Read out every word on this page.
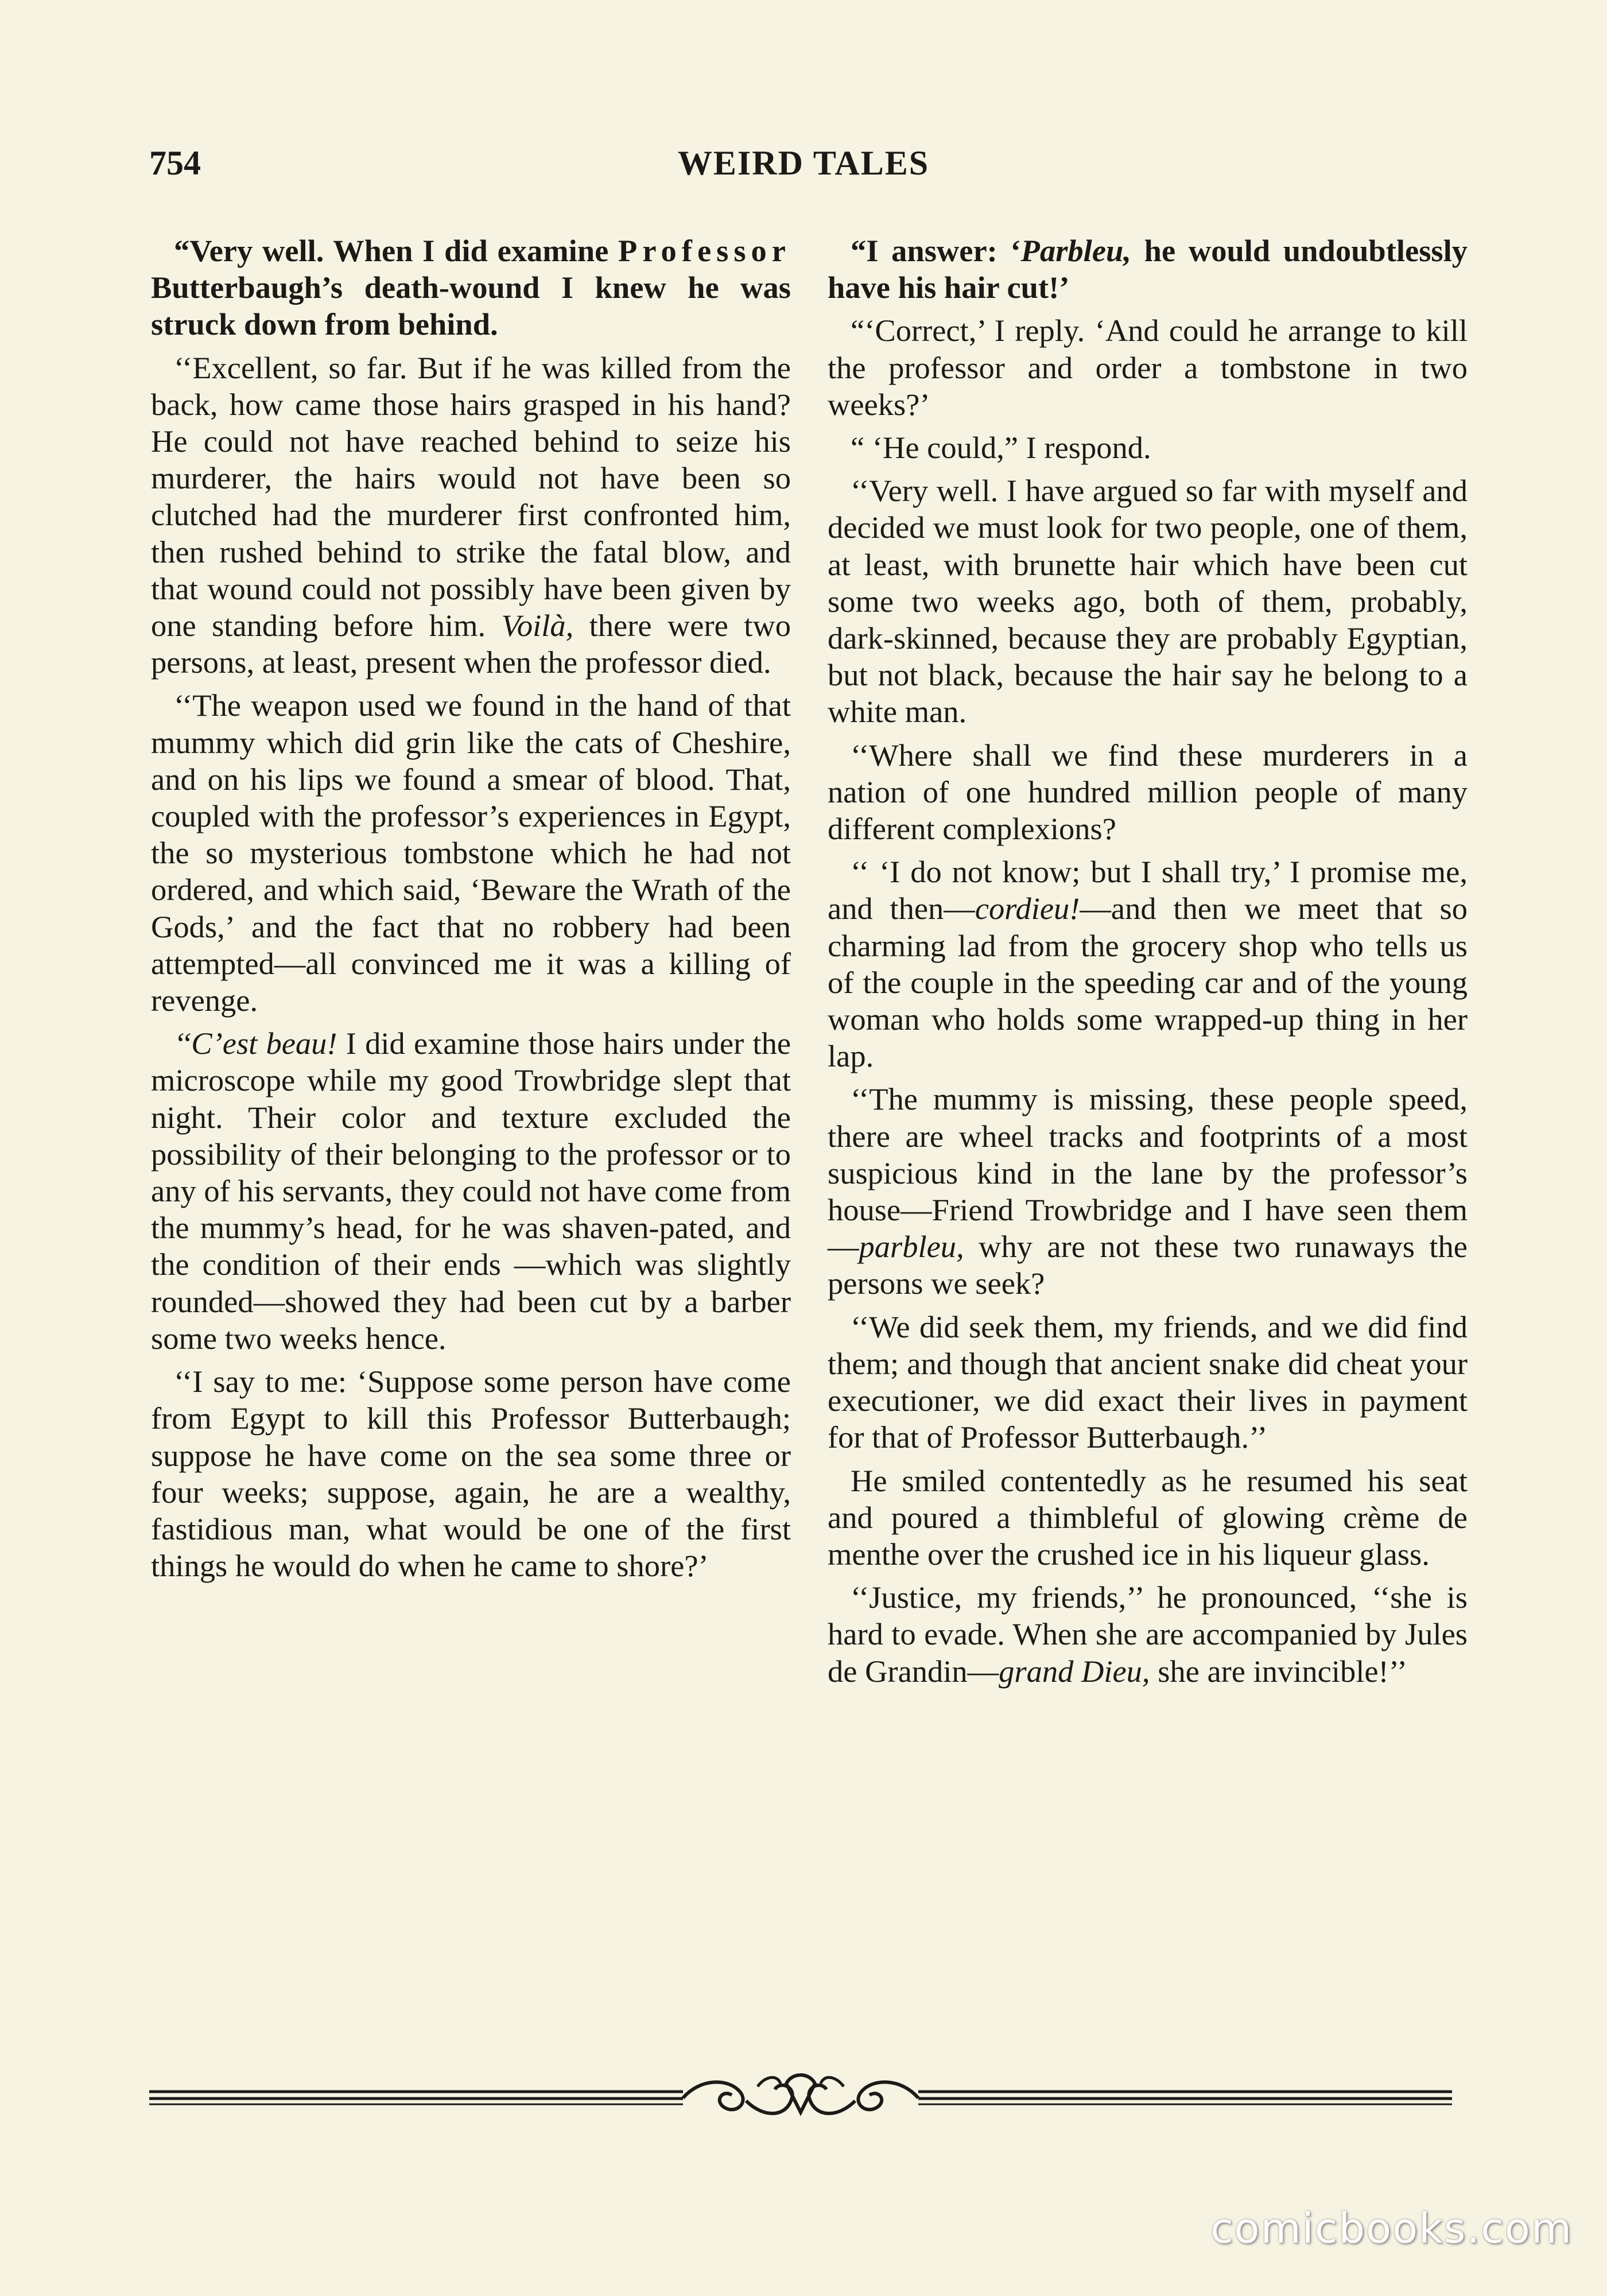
754	WEIRD TALES

“Very well. When I did examine Professor Butterbaugh’s death-wound I knew he was struck down from behind.

‘‘Excellent, so far. But if he was killed from the back, how came those hairs grasped in his hand? He could not have reached behind to seize his murderer, the hairs would not have been so clutched had the murderer first confronted him, then rushed behind to strike the fatal blow, and that wound could not possibly have been given by one standing before him. Voilà, there were two persons, at least, present when the professor died.

‘‘The weapon used we found in the hand of that mummy which did grin like the cats of Cheshire, and on his lips we found a smear of blood. That, coupled with the professor’s experiences in Egypt, the so mysterious tombstone which he had not ordered, and which said, ‘Beware the Wrath of the Gods,’ and the fact that no robbery had been attempted—all convinced me it was a killing of revenge.

‘‘C’est beau! I did examine those hairs under the microscope while my good Trowbridge slept that night. Their color and texture excluded the possibility of their belonging to the professor or to any of his servants, they could not have come from the mummy’s head, for he was shaven-pated, and the condition of their ends —which was slightly rounded—showed they had been cut by a barber some two weeks hence.

‘‘I say to me: ‘Suppose some person have come from Egypt to kill this Professor Butterbaugh; suppose he have come on the sea some three or four weeks; suppose, again, he are a wealthy, fastidious man, what would be one of the first things he would do when he came to shore?’

“I answer: ‘Parbleu, he would undoubtlessly have his hair cut!’

“‘Correct,’ I reply. ‘And could he arrange to kill the professor and order a tombstone in two weeks?’

“ ‘He could,” I respond.

‘‘Very well. I have argued so far with myself and decided we must look for two people, one of them, at least, with brunette hair which have been cut some two weeks ago, both of them, probably, dark-skinned, because they are probably Egyptian, but not black, because the hair say he belong to a white man.

‘‘Where shall we find these murderers in a nation of one hundred million people of many different complexions?

‘‘ ‘I do not know; but I shall try,’ I promise me, and then—cordieu!—and then we meet that so charming lad from the grocery shop who tells us of the couple in the speeding car and of the young woman who holds some wrapped-up thing in her lap.

‘‘The mummy is missing, these people speed, there are wheel tracks and footprints of a most suspicious kind in the lane by the professor’s house—Friend Trowbridge and I have seen them—parbleu, why are not these two runaways the persons we seek?

‘‘We did seek them, my friends, and we did find them; and though that ancient snake did cheat your executioner, we did exact their lives in payment for that of Professor Butterbaugh.’’

He smiled contentedly as he resumed his seat and poured a thimbleful of glowing crème de menthe over the crushed ice in his liqueur glass.

‘‘Justice, my friends,’’ he pronounced, ‘‘she is hard to evade. When she are accompanied by Jules de Grandin—grand Dieu, she are invincible!’’

comicbooks.com
